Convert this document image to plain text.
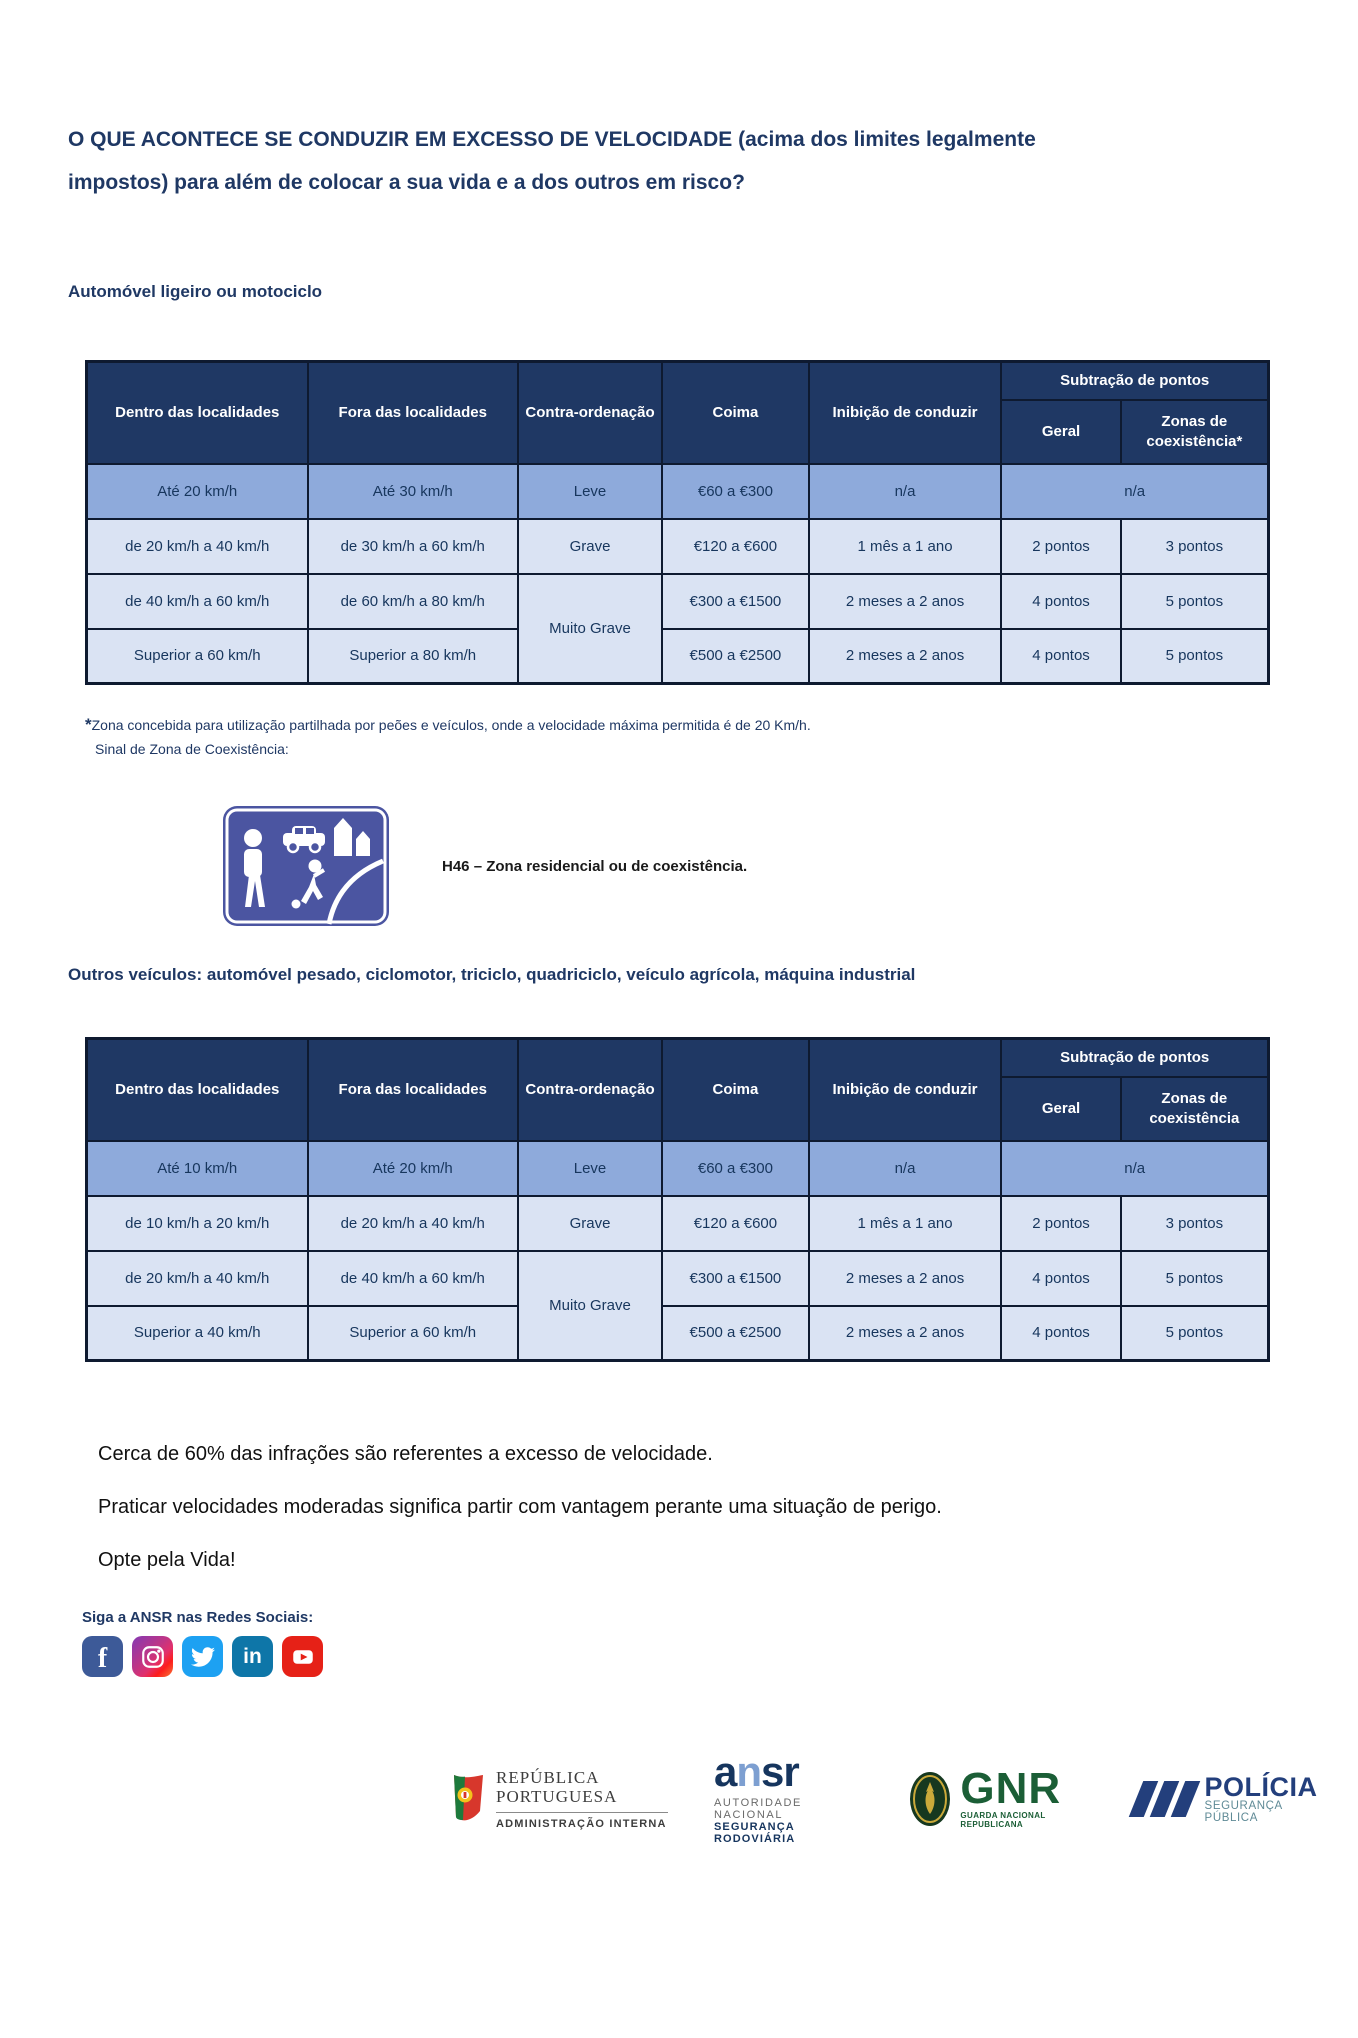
O QUE ACONTECE SE CONDUZIR EM EXCESSO DE VELOCIDADE (acima dos limites legalmente impostos) para além de colocar a sua vida e a dos outros em risco?
Automóvel ligeiro ou motociclo
Dentro das localidades	Fora das localidades	Contra-ordenação	Coima	Inibição de conduzir	Subtração de pontos	
					Geral	Zonas de coexistência*
Até 20 km/h	Até 30 km/h	Leve	€60 a €300	n/a	n/a	
de 20 km/h a 40 km/h	de 30 km/h a 60 km/h	Grave	€120 a €600	1 mês a 1 ano	2 pontos	3 pontos
de 40 km/h a 60 km/h	de 60 km/h a 80 km/h	Muito Grave	€300 a €1500	2 meses a 2 anos	4 pontos	5 pontos
Superior a 60 km/h	Superior a 80 km/h		€500 a €2500	2 meses a 2 anos	4 pontos	5 pontos
*Zona concebida para utilização partilhada por peões e veículos, onde a velocidade máxima permitida é de 20 Km/h.
Sinal de Zona de Coexistência:
H46 – Zona residencial ou de coexistência.
Outros veículos: automóvel pesado, ciclomotor, triciclo, quadriciclo, veículo agrícola, máquina industrial
Dentro das localidades	Fora das localidades	Contra-ordenação	Coima	Inibição de conduzir	Subtração de pontos	
					Geral	Zonas de coexistência
Até 10 km/h	Até 20 km/h	Leve	€60 a €300	n/a	n/a	
de 10 km/h a 20 km/h	de 20 km/h a 40 km/h	Grave	€120 a €600	1 mês a 1 ano	2 pontos	3 pontos
de 20 km/h a 40 km/h	de 40 km/h a 60 km/h	Muito Grave	€300 a €1500	2 meses a 2 anos	4 pontos	5 pontos
Superior a 40 km/h	Superior a 60 km/h		€500 a €2500	2 meses a 2 anos	4 pontos	5 pontos
Cerca de 60% das infrações são referentes a excesso de velocidade.
Praticar velocidades moderadas significa partir com vantagem perante uma situação de perigo.
Opte pela Vida!
Siga a ANSR nas Redes Sociais:
f	in
REPÚBLICA
PORTUGUESA
ADMINISTRAÇÃO INTERNA
ansr
AUTORIDADE NACIONAL
SEGURANÇA RODOVIÁRIA
GNR
GUARDA NACIONAL REPUBLICANA
POLÍCIA
SEGURANÇA PÚBLICA
